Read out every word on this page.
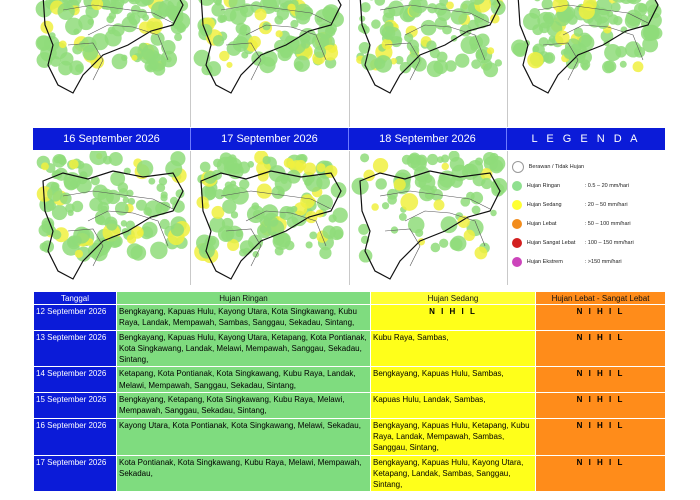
16 September 2026	17 September 2026	18 September 2026	L E G E N D A
Berawan / Tidak Hujan
Hujan Ringan	: 0.5 – 20 mm/hari
Hujan Sedang	: 20 – 50 mm/hari
Hujan Lebat	: 50 – 100 mm/hari
Hujan Sangat Lebat	: 100 – 150 mm/hari
Hujan Ekstrem	: >150 mm/hari
Tanggal	Hujan Ringan	Hujan Sedang	Hujan Lebat - Sangat Lebat
12 September 2026	Bengkayang, Kapuas Hulu, Kayong Utara, Kota Singkawang, Kubu Raya, Landak, Mempawah, Sambas, Sanggau, Sekadau, Sintang,	N I H I L	N I H I L
13 September 2026	Bengkayang, Kapuas Hulu, Kayong Utara, Ketapang, Kota Pontianak, Kota Singkawang, Landak, Melawi, Mempawah, Sanggau, Sekadau, Sintang,	Kubu Raya, Sambas,	N I H I L
14 September 2026	Ketapang, Kota Pontianak, Kota Singkawang, Kubu Raya, Landak, Melawi, Mempawah, Sanggau, Sekadau, Sintang,	Bengkayang, Kapuas Hulu, Sambas,	N I H I L
15 September 2026	Bengkayang, Ketapang, Kota Singkawang, Kubu Raya, Melawi, Mempawah, Sanggau, Sekadau, Sintang,	Kapuas Hulu, Landak, Sambas,	N I H I L
16 September 2026	Kayong Utara, Kota Pontianak, Kota Singkawang, Melawi, Sekadau,	Bengkayang, Kapuas Hulu, Ketapang, Kubu Raya, Landak, Mempawah, Sambas, Sanggau, Sintang,	N I H I L
17 September 2026	Kota Pontianak, Kota Singkawang, Kubu Raya, Melawi, Mempawah, Sekadau,	Bengkayang, Kapuas Hulu, Kayong Utara, Ketapang, Landak, Sambas, Sanggau, Sintang,	N I H I L
